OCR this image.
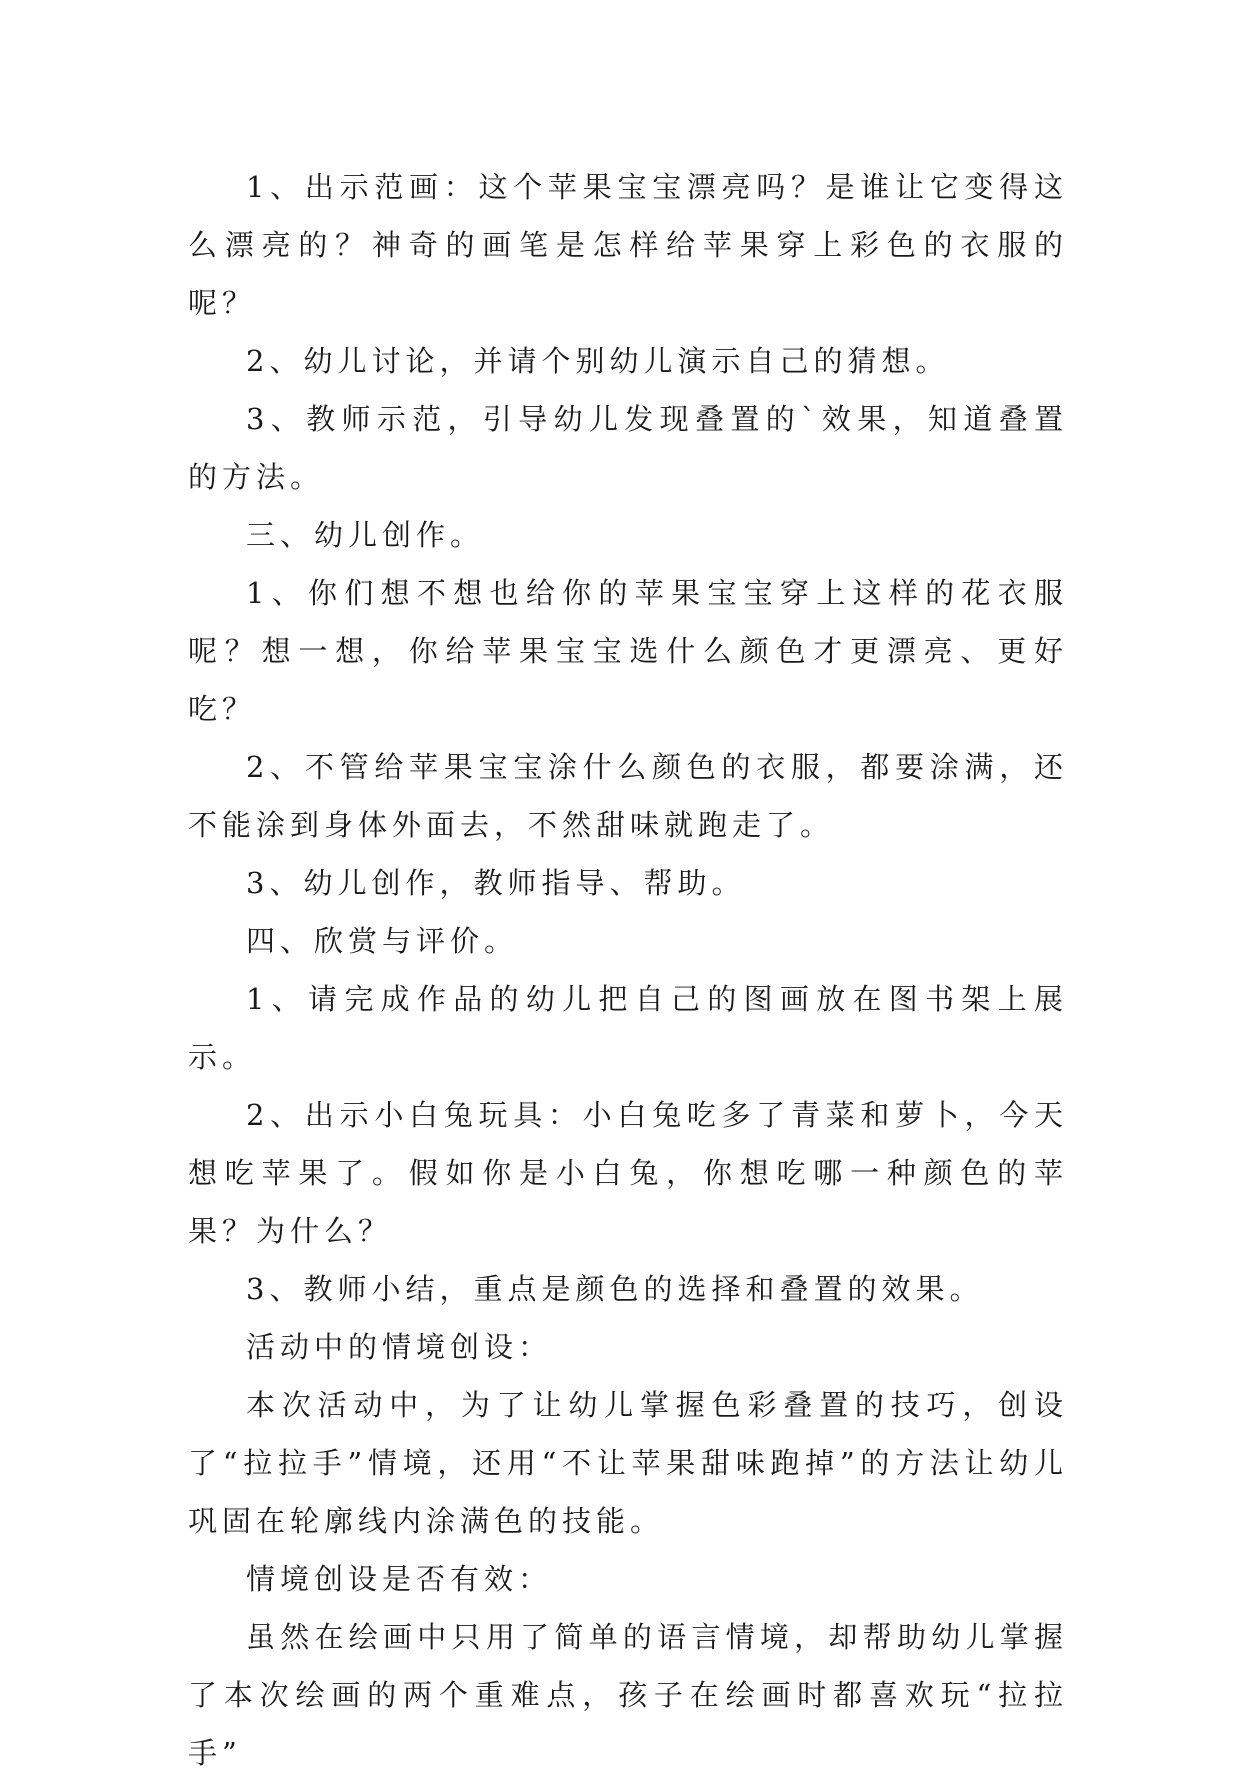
1、出示范画：这个苹果宝宝漂亮吗？是谁让它变得这么漂亮的？神奇的画笔是怎样给苹果穿上彩色的衣服的呢？

2、幼儿讨论，并请个别幼儿演示自己的猜想。

3、教师示范，引导幼儿发现叠置的`效果，知道叠置的方法。

三、幼儿创作。

1、你们想不想也给你的苹果宝宝穿上这样的花衣服呢？想一想，你给苹果宝宝选什么颜色才更漂亮、更好吃？

2、不管给苹果宝宝涂什么颜色的衣服，都要涂满，还不能涂到身体外面去，不然甜味就跑走了。

3、幼儿创作，教师指导、帮助。

四、欣赏与评价。

1、请完成作品的幼儿把自己的图画放在图书架上展示。

2、出示小白兔玩具：小白兔吃多了青菜和萝卜，今天想吃苹果了。假如你是小白兔，你想吃哪一种颜色的苹果？为什么？

3、教师小结，重点是颜色的选择和叠置的效果。

活动中的情境创设：

本次活动中，为了让幼儿掌握色彩叠置的技巧，创设了“拉拉手”情境，还用“不让苹果甜味跑掉”的方法让幼儿巩固在轮廓线内涂满色的技能。

情境创设是否有效：

虽然在绘画中只用了简单的语言情境，却帮助幼儿掌握了本次绘画的两个重难点，孩子在绘画时都喜欢玩“拉拉手”
